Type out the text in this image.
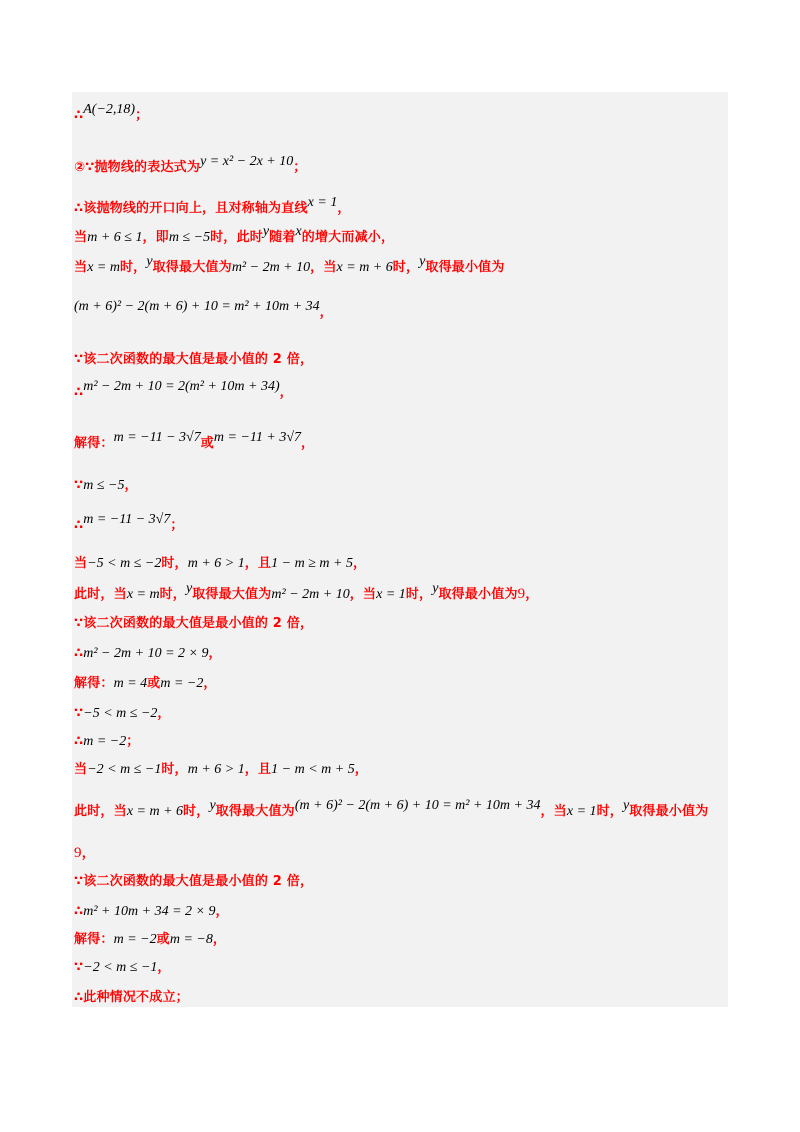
∴A(−2,18)；
②∵抛物线的表达式为y = x² − 2x + 10；
∴该抛物线的开口向上，且对称轴为直线x = 1，
当m + 6 ≤ 1，即m ≤ −5时，此时y随着x的增大而减小，
当x = m时，y取得最大值为m² − 2m + 10，当x = m + 6时，y取得最小值为
(m + 6)² − 2(m + 6) + 10 = m² + 10m + 34，
∵该二次函数的最大值是最小值的 2 倍，
∴m² − 2m + 10 = 2(m² + 10m + 34)，
解得：m = −11 − 3√7或m = −11 + 3√7，
∵m ≤ −5，
∴m = −11 − 3√7；
当−5 < m ≤ −2时，m + 6 > 1，且1 − m ≥ m + 5，
此时，当x = m时，y取得最大值为m² − 2m + 10，当x = 1时，y取得最小值为9，
∵该二次函数的最大值是最小值的 2 倍，
∴m² − 2m + 10 = 2 × 9，
解得：m = 4或m = −2，
∵−5 < m ≤ −2，
∴m = −2；
当−2 < m ≤ −1时，m + 6 > 1，且1 − m < m + 5，
此时，当x = m + 6时，y取得最大值为(m + 6)² − 2(m + 6) + 10 = m² + 10m + 34，当x = 1时，y取得最小值为
9，
∵该二次函数的最大值是最小值的 2 倍，
∴m² + 10m + 34 = 2 × 9，
解得：m = −2或m = −8，
∵−2 < m ≤ −1，
∴此种情况不成立；
